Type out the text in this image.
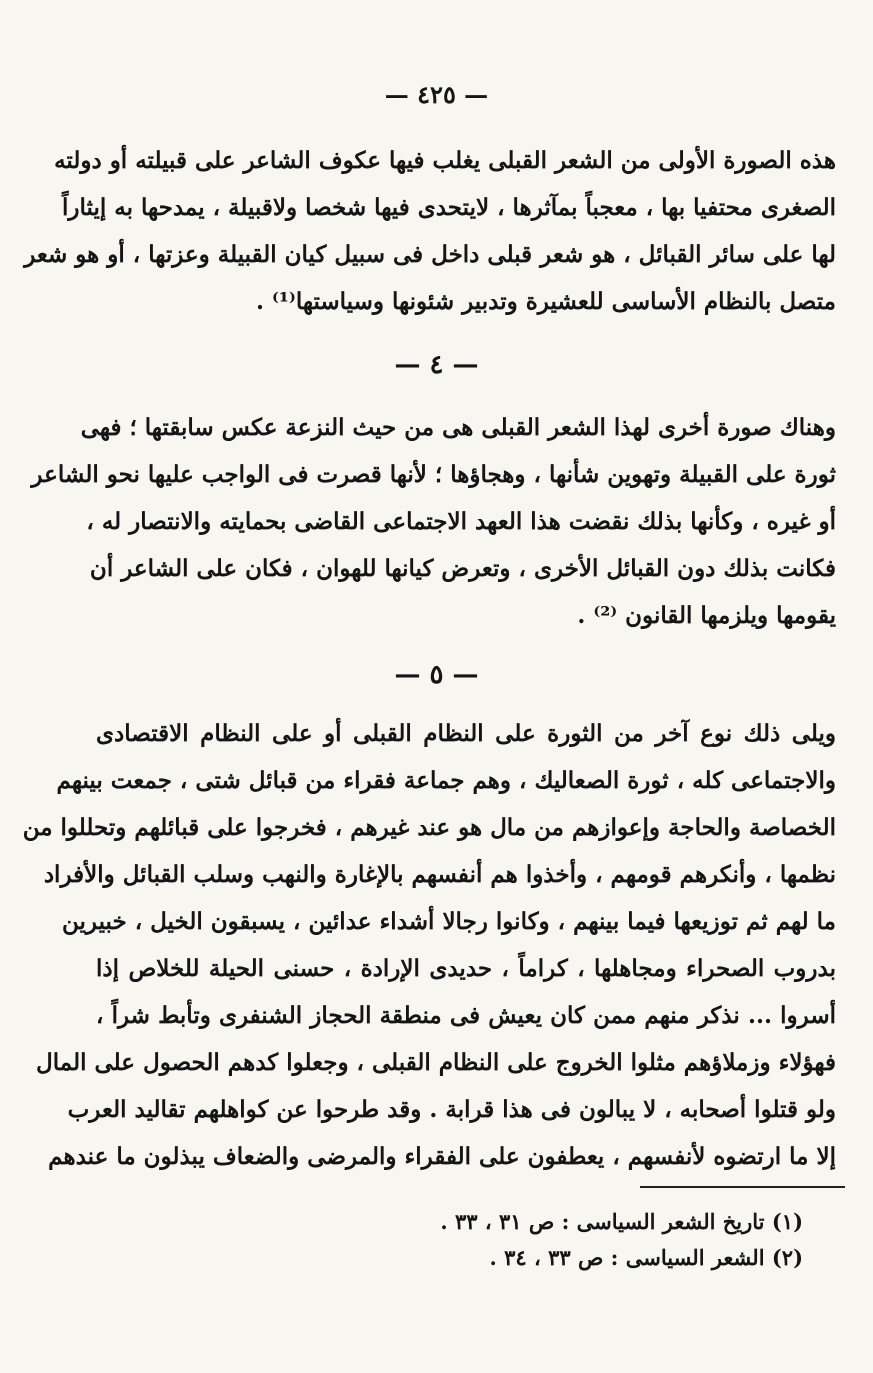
— ٤٢٥ —
هذه الصورة الأولى من الشعر القبلى يغلب فيها عكوف الشاعر على قبيلته أو دولته
الصغرى محتفيا بها ، معجباً بمآثرها ، لايتحدى فيها شخصا ولاقبيلة ، يمدحها به إيثاراً
لها على سائر القبائل ، هو شعر قبلى داخل فى سبيل كيان القبيلة وعزتها ، أو هو شعر
متصل بالنظام الأساسى للعشيرة وتدبير شئونها وسياستها⁽¹⁾ .
— ٤ —
وهناك صورة أخرى لهذا الشعر القبلى هى من حيث النزعة عكس سابقتها ؛ فهى
ثورة على القبيلة وتهوين شأنها ، وهجاؤها ؛ لأنها قصرت فى الواجب عليها نحو الشاعر
أو غيره ، وكأنها بذلك نقضت هذا العهد الاجتماعى القاضى بحمايته والانتصار له ،
فكانت بذلك دون القبائل الأخرى ، وتعرض كيانها للهوان ، فكان على الشاعر أن
يقومها ويلزمها القانون ⁽²⁾ .
— ٥ —
ويلى ذلك نوع آخر من الثورة على النظام القبلى أو على النظام الاقتصادى
والاجتماعى كله ، ثورة الصعاليك ، وهم جماعة فقراء من قبائل شتى ، جمعت بينهم
الخصاصة والحاجة وإعوازهم من مال هو عند غيرهم ، فخرجوا على قبائلهم وتحللوا من
نظمها ، وأنكرهم قومهم ، وأخذوا هم أنفسهم بالإغارة والنهب وسلب القبائل والأفراد
ما لهم ثم توزيعها فيما بينهم ، وكانوا رجالا أشداء عدائين ، يسبقون الخيل ، خبيرين
بدروب الصحراء ومجاهلها ، كراماً ، حديدى الإرادة ، حسنى الحيلة للخلاص إذا
أسروا ... نذكر منهم ممن كان يعيش فى منطقة الحجاز الشنفرى وتأبط شراً ،
فهؤلاء وزملاؤهم مثلوا الخروج على النظام القبلى ، وجعلوا كدهم الحصول على المال
ولو قتلوا أصحابه ، لا يبالون فى هذا قرابة . وقد طرحوا عن كواهلهم تقاليد العرب
إلا ما ارتضوه لأنفسهم ، يعطفون على الفقراء والمرضى والضعاف يبذلون ما عندهم
(١) تاريخ الشعر السياسى : ص ٣١ ، ٣٣ .
(٢) الشعر السياسى : ص ٣٣ ، ٣٤ .
